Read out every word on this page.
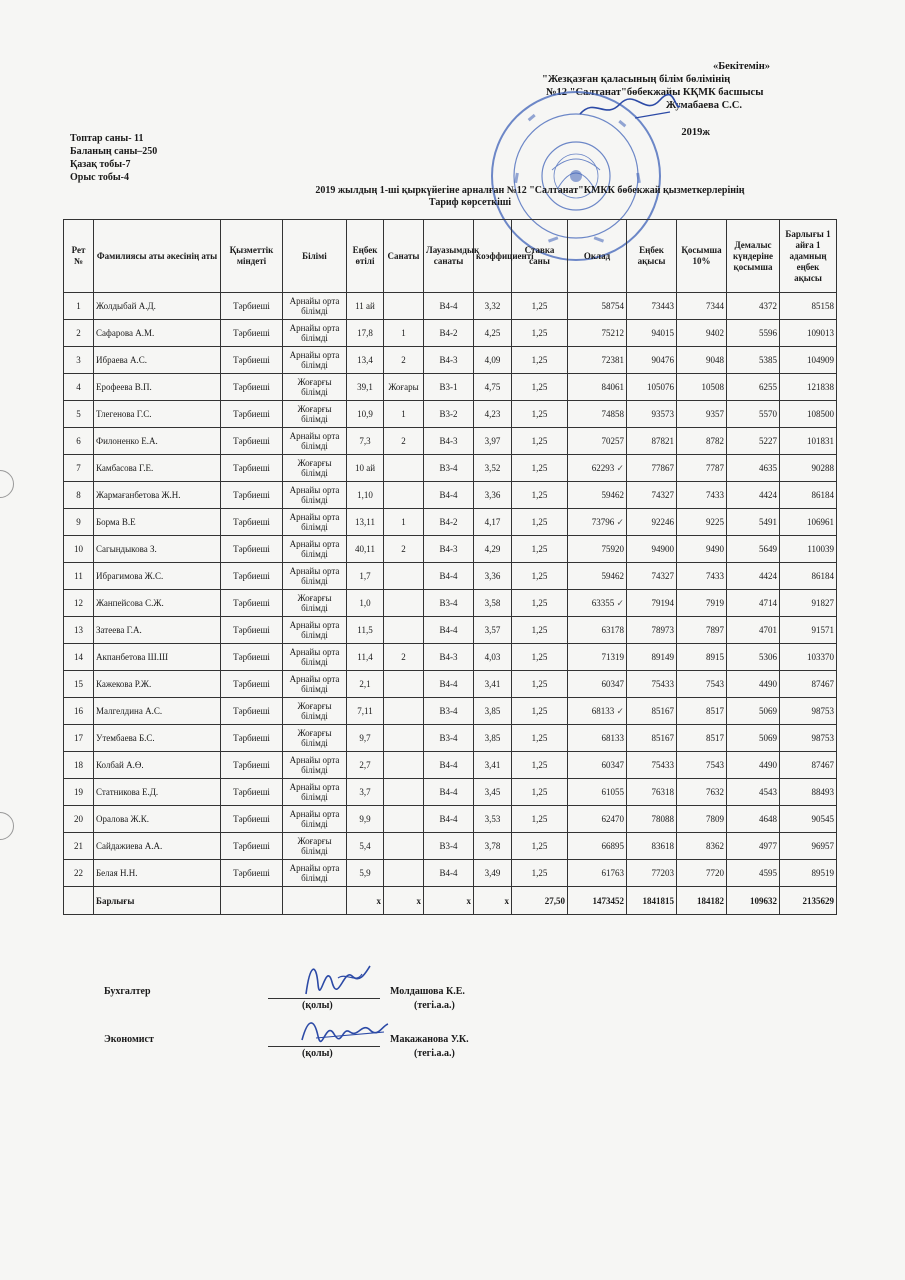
«Бекітемін»
"Жезқазған қаласының білім бөлімінің
№12 "Салтанат"бөбекжайы КҚМК басшысы
Жумабаева С.С.
2019ж
Топтар саны- 11
Баланың саны–250
Қазақ тобы-7
Орыс тобы-4
2019 жылдың 1-ші қыркүйегіне арналған №12 "Салтанат"КМКК бөбекжай қызметкерлерінің
Тариф көрсеткіші
Рет №	Фамилиясы аты әкесінің аты	Қызметтік міндеті	Білімі	Еңбек өтілі	Санаты	Лауазымдық санаты	коэффициенті	Ставка саны	Оклад	Еңбек ақысы	Қосымша 10%	Демалыс күндеріне қосымша	Барлығы 1 айға 1 адамның еңбек ақысы
1	Жолдыбай А.Д.	Тәрбиеші	Арнайы орта білімді	11 ай		B4-4	3,32	1,25	58754	73443	7344	4372	85158
2	Сафарова А.М.	Тәрбиеші	Арнайы орта білімді	17,8	1	B4-2	4,25	1,25	75212	94015	9402	5596	109013
3	Ибраева А.С.	Тәрбиеші	Арнайы орта білімді	13,4	2	B4-3	4,09	1,25	72381	90476	9048	5385	104909
4	Ерофеева В.П.	Тәрбиеші	Жоғарғы білімді	39,1	Жоғары	B3-1	4,75	1,25	84061	105076	10508	6255	121838
5	Тлегенова Г.С.	Тәрбиеші	Жоғарғы білімді	10,9	1	B3-2	4,23	1,25	74858	93573	9357	5570	108500
6	Филоненко Е.А.	Тәрбиеші	Арнайы орта білімді	7,3	2	B4-3	3,97	1,25	70257	87821	8782	5227	101831
7	Камбасова Г.Е.	Тәрбиеші	Жоғарғы білімді	10 ай		B3-4	3,52	1,25	62293 ✓	77867	7787	4635	90288
8	Жармағанбетова Ж.Н.	Тәрбиеші	Арнайы орта білімді	1,10		B4-4	3,36	1,25	59462	74327	7433	4424	86184
9	Борма В.Е	Тәрбиеші	Арнайы орта білімді	13,11	1	B4-2	4,17	1,25	73796 ✓	92246	9225	5491	106961
10	Сагындыкова З.	Тәрбиеші	Арнайы орта білімді	40,11	2	B4-3	4,29	1,25	75920	94900	9490	5649	110039
11	Ибрагимова Ж.С.	Тәрбиеші	Арнайы орта білімді	1,7		B4-4	3,36	1,25	59462	74327	7433	4424	86184
12	Жанпейсова С.Ж.	Тәрбиеші	Жоғарғы білімді	1,0		B3-4	3,58	1,25	63355 ✓	79194	7919	4714	91827
13	Затеева Г.А.	Тәрбиеші	Арнайы орта білімді	11,5		B4-4	3,57	1,25	63178	78973	7897	4701	91571
14	Акпанбетова Ш.Ш	Тәрбиеші	Арнайы орта білімді	11,4	2	B4-3	4,03	1,25	71319	89149	8915	5306	103370
15	Кажекова Р.Ж.	Тәрбиеші	Арнайы орта білімді	2,1		B4-4	3,41	1,25	60347	75433	7543	4490	87467
16	Малгелдина А.С.	Тәрбиеші	Жоғарғы білімді	7,11		B3-4	3,85	1,25	68133 ✓	85167	8517	5069	98753
17	Утембаева Б.С.	Тәрбиеші	Жоғарғы білімді	9,7		B3-4	3,85	1,25	68133	85167	8517	5069	98753
18	Колбай А.Ө.	Тәрбиеші	Арнайы орта білімді	2,7		B4-4	3,41	1,25	60347	75433	7543	4490	87467
19	Статникова Е.Д.	Тәрбиеші	Арнайы орта білімді	3,7		B4-4	3,45	1,25	61055	76318	7632	4543	88493
20	Оралова Ж.К.	Тәрбиеші	Арнайы орта білімді	9,9		B4-4	3,53	1,25	62470	78088	7809	4648	90545
21	Сайдажиева А.А.	Тәрбиеші	Жоғарғы білімді	5,4		B3-4	3,78	1,25	66895	83618	8362	4977	96957
22	Белая Н.Н.	Тәрбиеші	Арнайы орта білімді	5,9		B4-4	3,49	1,25	61763	77203	7720	4595	89519
	Барлығы			x	x	x	x	27,50	1473452	1841815	184182	109632	2135629
Бухгалтер	Молдашова К.Е.
(қолы)	(тегі.а.а.)
Экономист	Макажанова У.К.
(қолы)	(тегі.а.а.)
